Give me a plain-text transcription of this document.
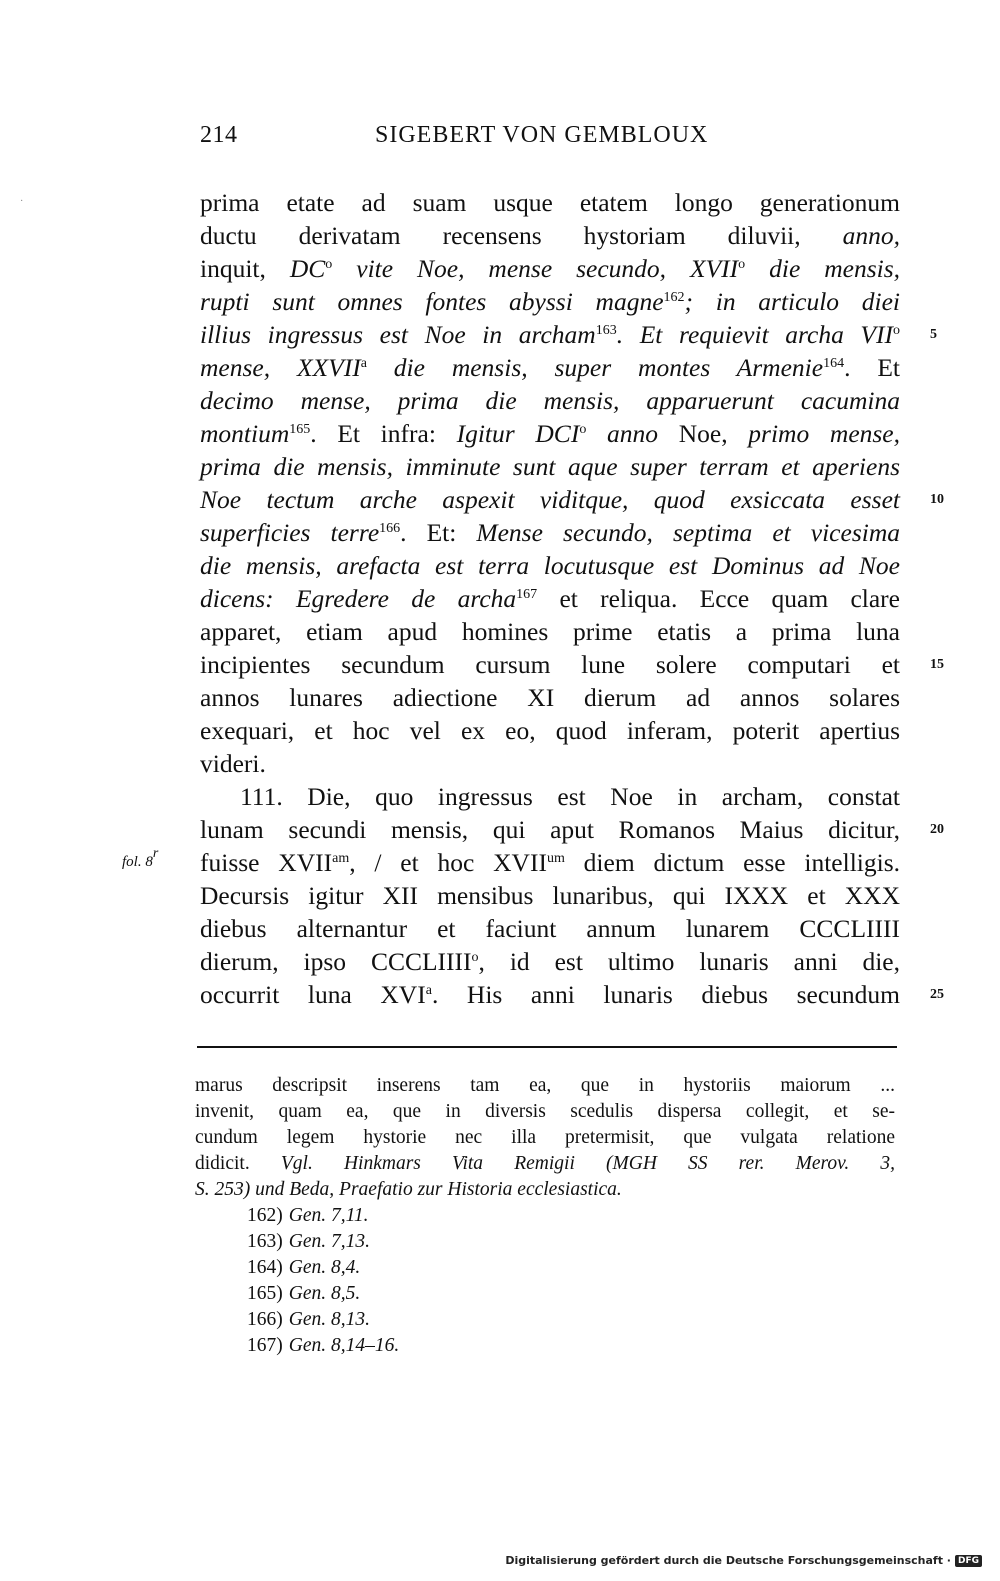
·
214	SIGEBERT VON GEMBLOUX
prima etate ad suam usque etatem longo generationum
ductu derivatam recensens hystoriam diluvii, anno,
inquit, $DC^o$ vite Noe, mense secundo, XVII$^o$ die mensis,
rupti sunt omnes fontes abyssi magne$^{162}$; in articulo diei
illius ingressus est Noe in archam$^{163}$. Et requievit archa VII$^o$ 5
mense, XXVII$^a$ die mensis, super montes Armenie$^{164}$. Et
decimo mense, prima die mensis, apparuerunt cacumina
montium$^{165}$. Et infra: Igitur DCI$^o$ anno Noe, primo mense,
prima die mensis, imminute sunt aque super terram et aperiens
Noe tectum arche aspexit viditque, quod exsiccata esset 10
superficies terre$^{166}$. Et: Mense secundo, septima et vicesima
die mensis, arefacta est terra locutusque est Dominus ad Noe
dicens: Egredere de archa$^{167}$ et reliqua. Ecce quam clare
apparet, etiam apud homines prime etatis a prima luna
incipientes secundum cursum lune solere computari et 15
annos lunares adiectione XI dierum ad annos solares
exequari, et hoc vel ex eo, quod inferam, poterit apertius
videri.
111. Die, quo ingressus est Noe in archam, constat
lunam secundi mensis, qui aput Romanos Maius dicitur, 20
fol. 8$^r$ fuisse $XVII^{am}$, / et hoc $XVII^{um}$ diem dictum esse intelligis.
Decursis igitur XII mensibus lunaribus, qui IXXX et XXX
diebus alternantur et faciunt annum lunarem CCCLIIII
dierum, ipso CCCLIIII$^o$, id est ultimo lunaris anni die,
occurrit luna XVI$^a$. His anni lunaris diebus secundum 25
marus descripsit inserens tam ea, que in hystoriis maiorum ...
invenit, quam ea, que in diversis scedulis dispersa collegit, et se-
cundum legem hystorie nec illa pretermisit, que vulgata relatione
didicit. Vgl. Hinkmars Vita Remigii (MGH SS rer. Merov. 3,
S. 253) und Beda, Praefatio zur Historia ecclesiastica.
162) Gen. 7,11.
163) Gen. 7,13.
164) Gen. 8,4.
165) Gen. 8,5.
166) Gen. 8,13.
167) Gen. 8,14–16.
Digitalisierung gefördert durch die Deutsche Forschungsgemeinschaft · DFG
